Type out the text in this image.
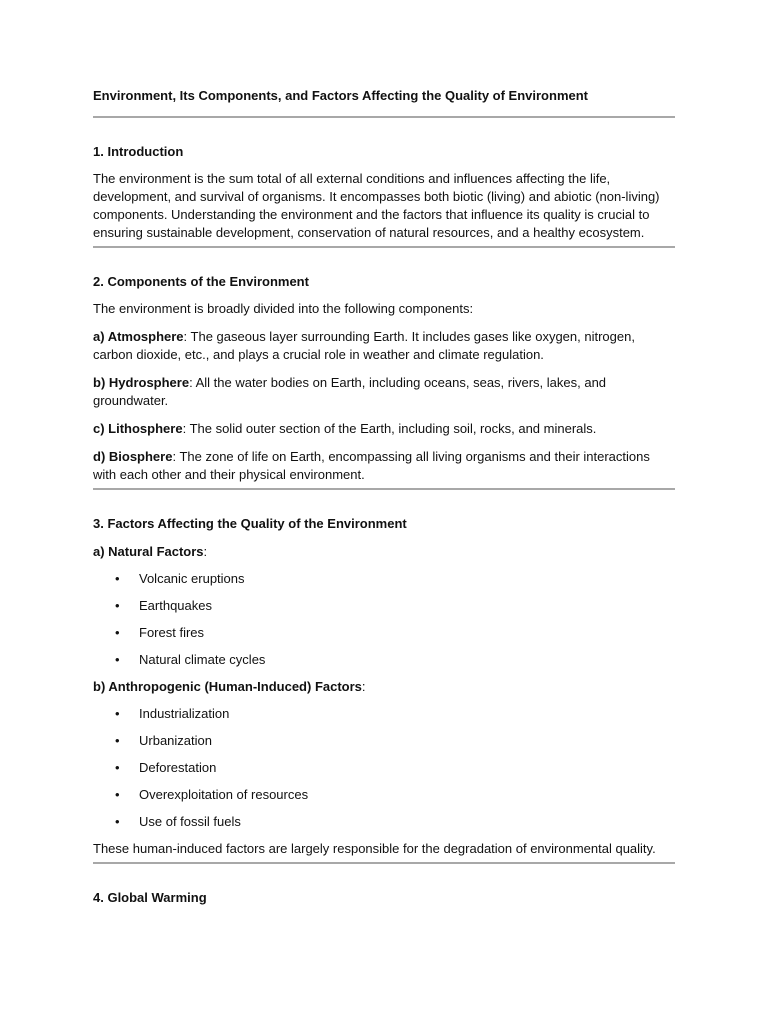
Environment, Its Components, and Factors Affecting the Quality of Environment

1. Introduction

The environment is the sum total of all external conditions and influences affecting the life, development, and survival of organisms. It encompasses both biotic (living) and abiotic (non-living) components. Understanding the environment and the factors that influence its quality is crucial to ensuring sustainable development, conservation of natural resources, and a healthy ecosystem.

2. Components of the Environment

The environment is broadly divided into the following components:

a) Atmosphere: The gaseous layer surrounding Earth. It includes gases like oxygen, nitrogen, carbon dioxide, etc., and plays a crucial role in weather and climate regulation.

b) Hydrosphere: All the water bodies on Earth, including oceans, seas, rivers, lakes, and groundwater.

c) Lithosphere: The solid outer section of the Earth, including soil, rocks, and minerals.

d) Biosphere: The zone of life on Earth, encompassing all living organisms and their interactions with each other and their physical environment.

3. Factors Affecting the Quality of the Environment

a) Natural Factors:

• Volcanic eruptions
• Earthquakes
• Forest fires
• Natural climate cycles

b) Anthropogenic (Human-Induced) Factors:

• Industrialization
• Urbanization
• Deforestation
• Overexploitation of resources
• Use of fossil fuels

These human-induced factors are largely responsible for the degradation of environmental quality.

4. Global Warming
